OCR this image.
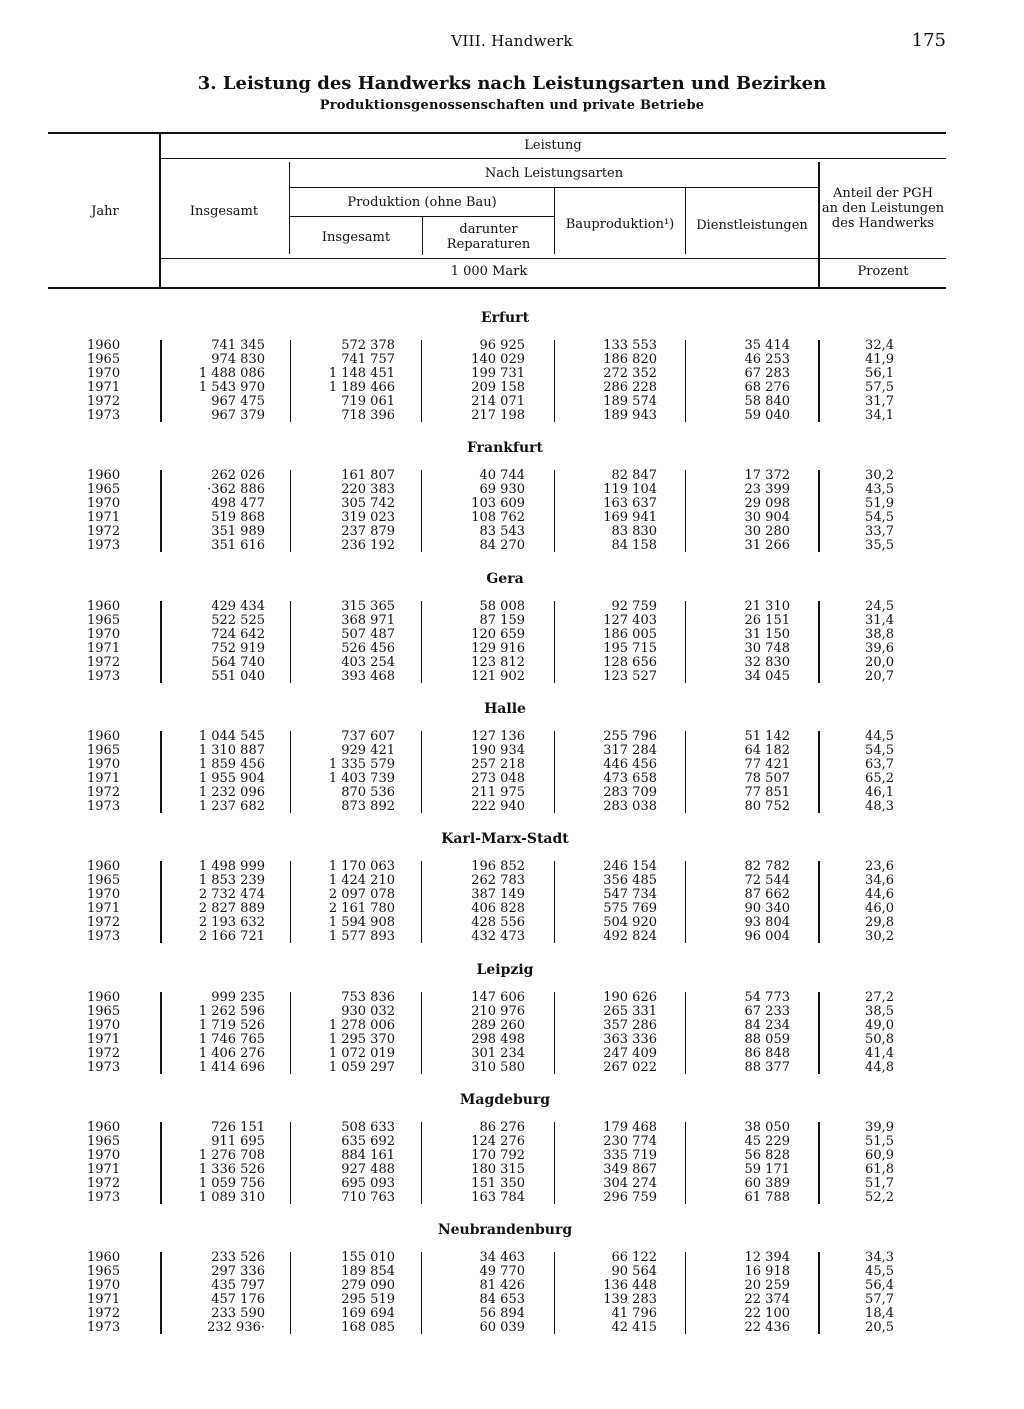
VIII. Handwerk	175
3. Leistung des Handwerks nach Leistungsarten und Bezirken
Produktionsgenossenschaften und private Betriebe
Jahr
Leistung
Insgesamt
Nach Leistungsarten
Produktion (ohne Bau)
Insgesamt
darunter
Reparaturen
Bauproduktion¹)	Dienstleistungen
Anteil der PGH
an den Leistungen
des Handwerks
1 000 Mark	Prozent
Erfurt
1960	741 345	572 378	96 925	133 553	35 414	32,4
1965	974 830	741 757	140 029	186 820	46 253	41,9
1970	1 488 086	1 148 451	199 731	272 352	67 283	56,1
1971	1 543 970	1 189 466	209 158	286 228	68 276	57,5
1972	967 475	719 061	214 071	189 574	58 840	31,7
1973	967 379	718 396	217 198	189 943	59 040	34,1
Frankfurt
1960	262 026	161 807	40 744	82 847	17 372	30,2
1965	·362 886	220 383	69 930	119 104	23 399	43,5
1970	498 477	305 742	103 609	163 637	29 098	51,9
1971	519 868	319 023	108 762	169 941	30 904	54,5
1972	351 989	237 879	83 543	83 830	30 280	33,7
1973	351 616	236 192	84 270	84 158	31 266	35,5
Gera
1960	429 434	315 365	58 008	92 759	21 310	24,5
1965	522 525	368 971	87 159	127 403	26 151	31,4
1970	724 642	507 487	120 659	186 005	31 150	38,8
1971	752 919	526 456	129 916	195 715	30 748	39,6
1972	564 740	403 254	123 812	128 656	32 830	20,0
1973	551 040	393 468	121 902	123 527	34 045	20,7
Halle
1960	1 044 545	737 607	127 136	255 796	51 142	44,5
1965	1 310 887	929 421	190 934	317 284	64 182	54,5
1970	1 859 456	1 335 579	257 218	446 456	77 421	63,7
1971	1 955 904	1 403 739	273 048	473 658	78 507	65,2
1972	1 232 096	870 536	211 975	283 709	77 851	46,1
1973	1 237 682	873 892	222 940	283 038	80 752	48,3
Karl-Marx-Stadt
1960	1 498 999	1 170 063	196 852	246 154	82 782	23,6
1965	1 853 239	1 424 210	262 783	356 485	72 544	34,6
1970	2 732 474	2 097 078	387 149	547 734	87 662	44,6
1971	2 827 889	2 161 780	406 828	575 769	90 340	46,0
1972	2 193 632	1 594 908	428 556	504 920	93 804	29,8
1973	2 166 721	1 577 893	432 473	492 824	96 004	30,2
Leipzig
1960	999 235	753 836	147 606	190 626	54 773	27,2
1965	1 262 596	930 032	210 976	265 331	67 233	38,5
1970	1 719 526	1 278 006	289 260	357 286	84 234	49,0
1971	1 746 765	1 295 370	298 498	363 336	88 059	50,8
1972	1 406 276	1 072 019	301 234	247 409	86 848	41,4
1973	1 414 696	1 059 297	310 580	267 022	88 377	44,8
Magdeburg
1960	726 151	508 633	86 276	179 468	38 050	39,9
1965	911 695	635 692	124 276	230 774	45 229	51,5
1970	1 276 708	884 161	170 792	335 719	56 828	60,9
1971	1 336 526	927 488	180 315	349 867	59 171	61,8
1972	1 059 756	695 093	151 350	304 274	60 389	51,7
1973	1 089 310	710 763	163 784	296 759	61 788	52,2
Neubrandenburg
1960	233 526	155 010	34 463	66 122	12 394	34,3
1965	297 336	189 854	49 770	90 564	16 918	45,5
1970	435 797	279 090	81 426	136 448	20 259	56,4
1971	457 176	295 519	84 653	139 283	22 374	57,7
1972	233 590	169 694	56 894	41 796	22 100	18,4
1973	232 936·	168 085	60 039	42 415	22 436	20,5
